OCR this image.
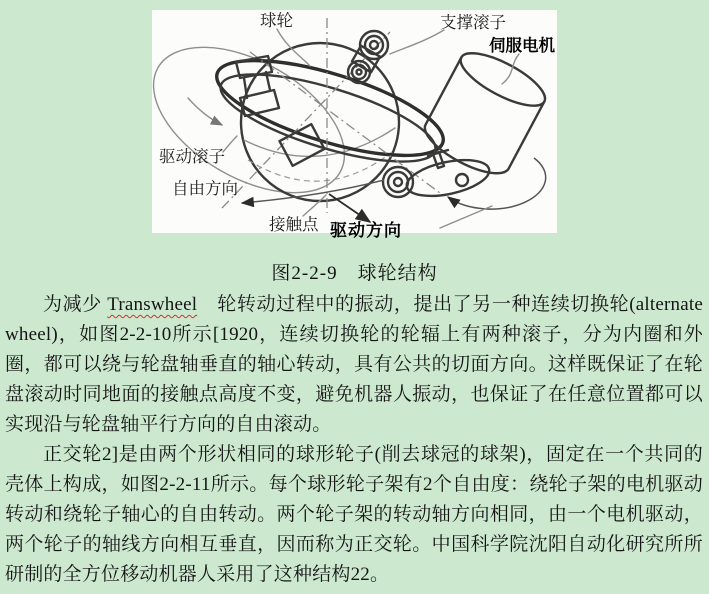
球轮	支撑滚子
伺服电机
驱动滚子
自由方向
接触点 驱动方向
图2-2-9　球轮结构

为减少 Transwheel　轮转动过程中的振动，提出了另一种连续切换轮(alternate wheel)，如图2-2-10所示[1920，连续切换轮的轮辐上有两种滚子，分为内圈和外圈，都可以绕与轮盘轴垂直的轴心转动，具有公共的切面方向。这样既保证了在轮盘滚动时同地面的接触点高度不变，避免机器人振动，也保证了在任意位置都可以实现沿与轮盘轴平行方向的自由滚动。

正交轮2]是由两个形状相同的球形轮子(削去球冠的球架)，固定在一个共同的壳体上构成，如图2-2-11所示。每个球形轮子架有2个自由度：绕轮子架的电机驱动转动和绕轮子轴心的自由转动。两个轮子架的转动轴方向相同，由一个电机驱动，两个轮子的轴线方向相互垂直，因而称为正交轮。中国科学院沈阳自动化研究所所研制的全方位移动机器人采用了这种结构22。
